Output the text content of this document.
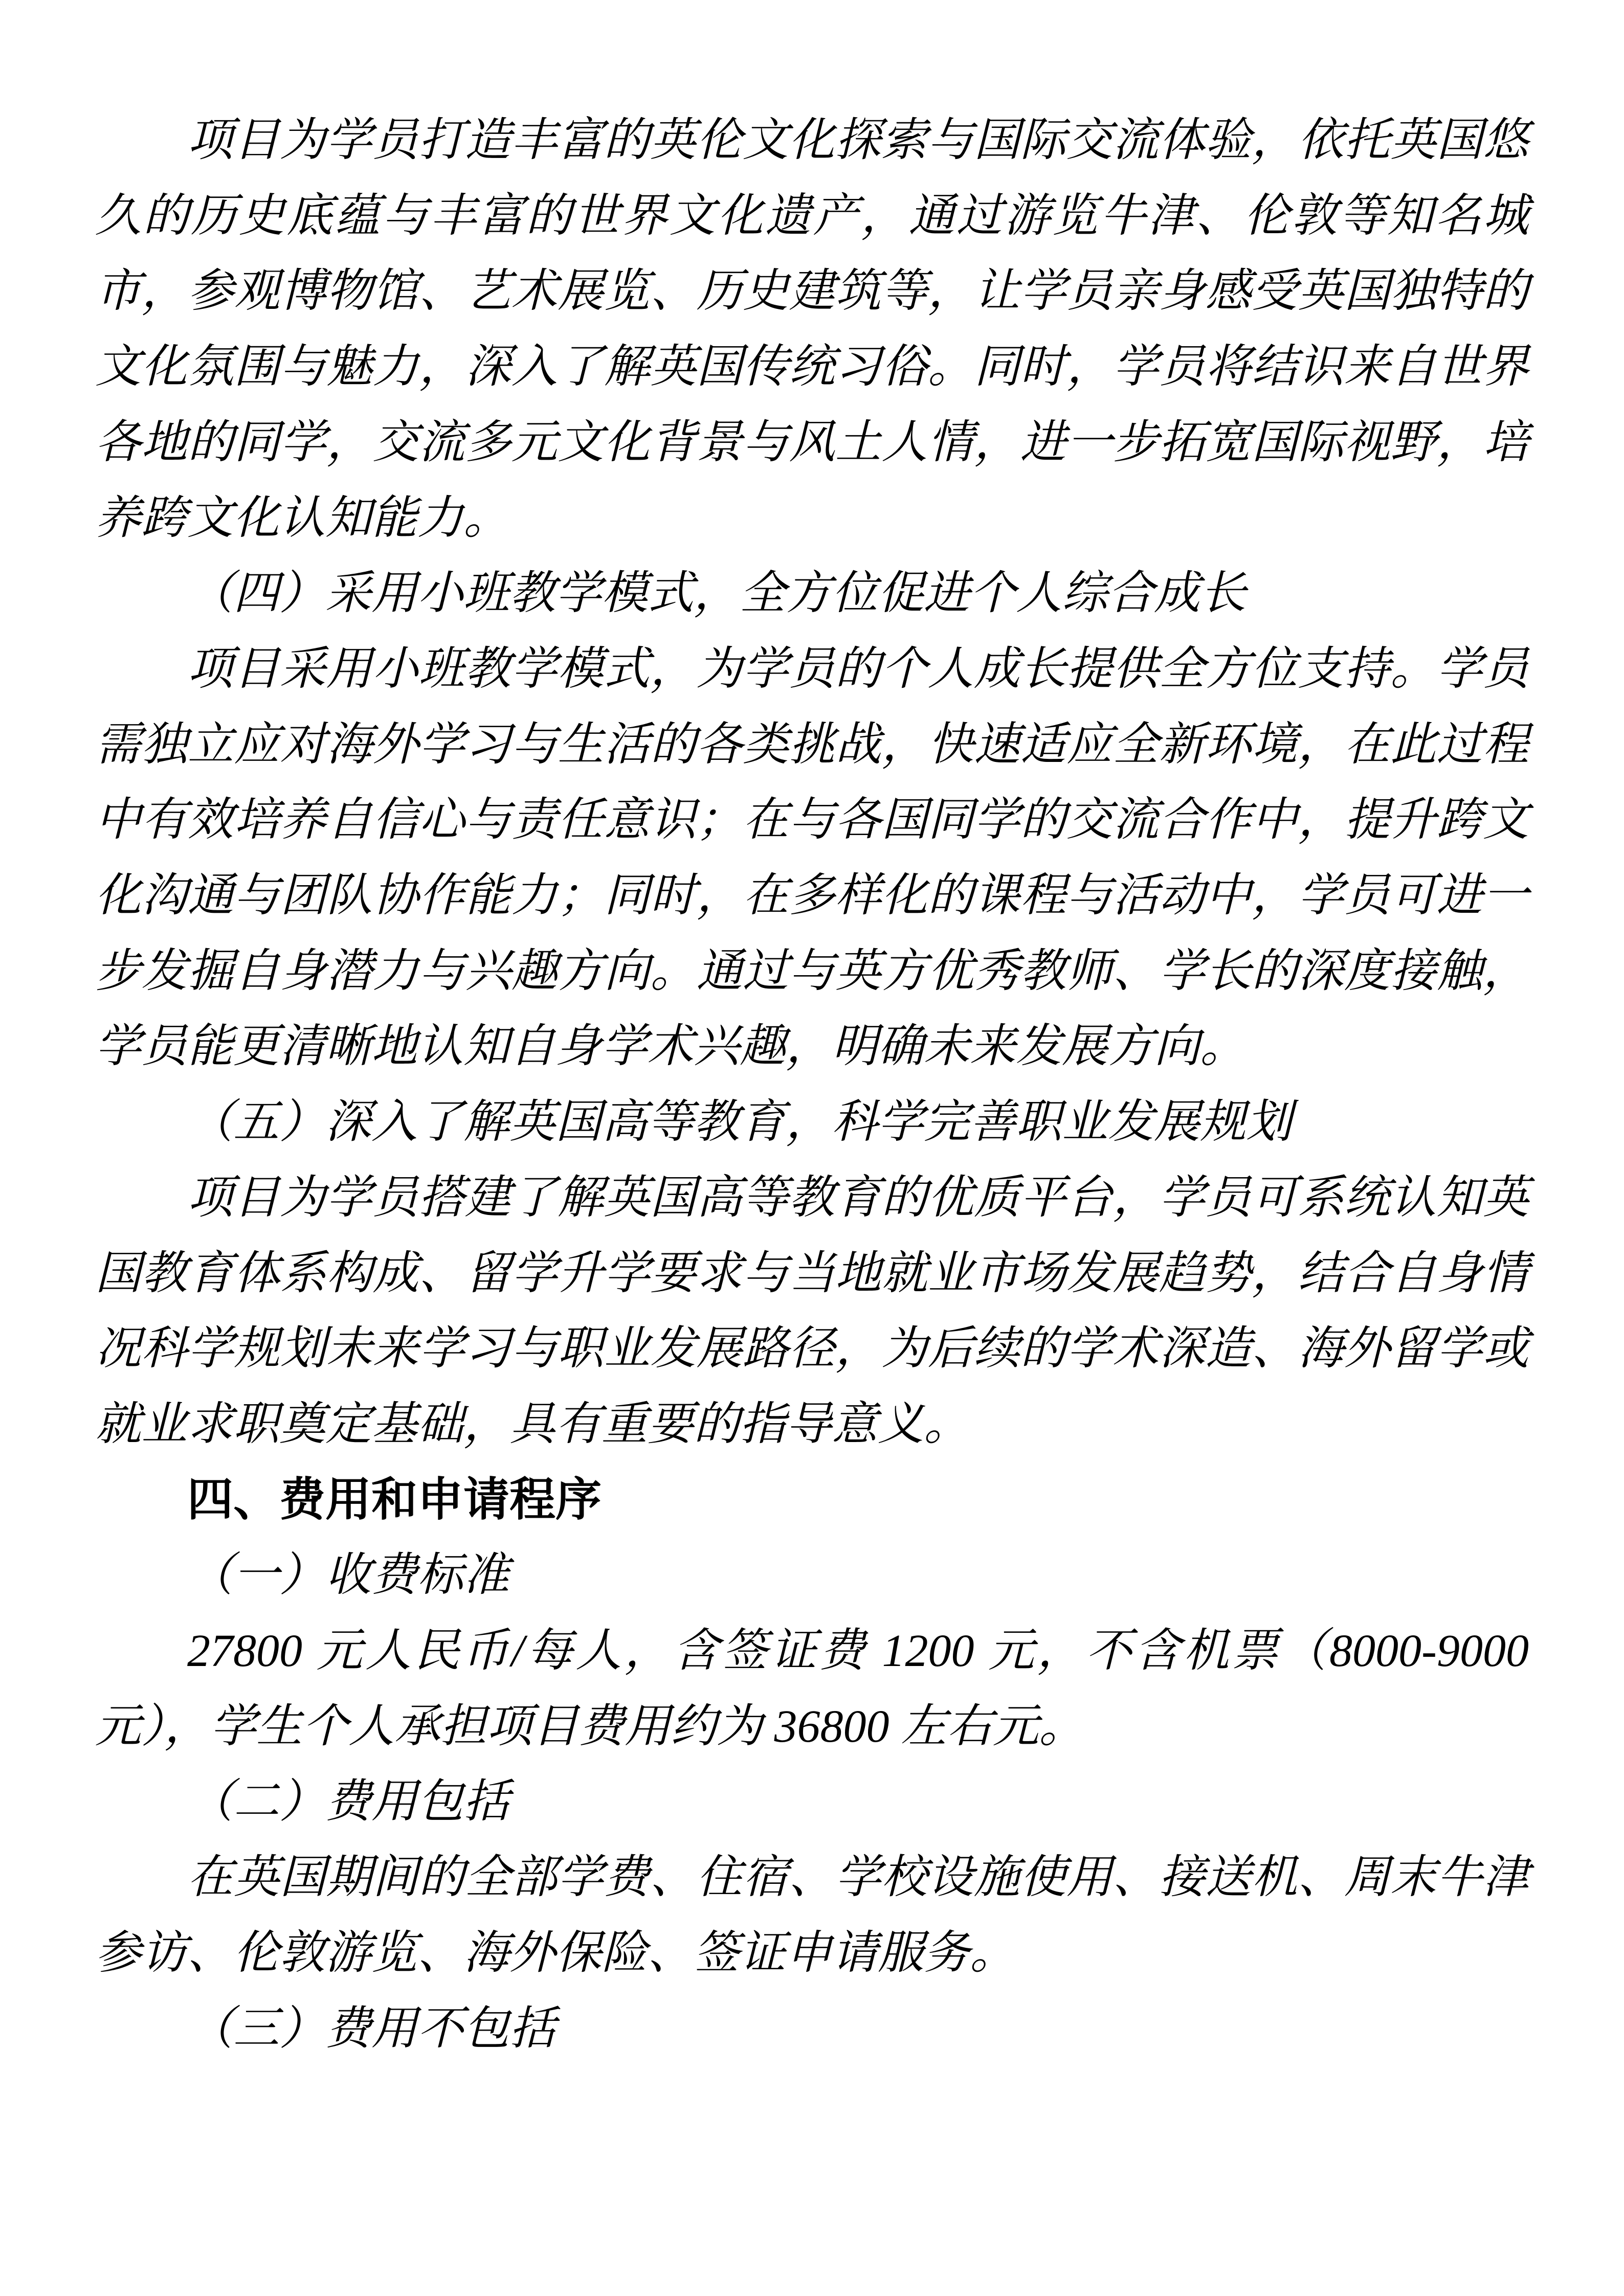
项目为学员打造丰富的英伦文化探索与国际交流体验，依托英国悠久的历史底蕴与丰富的世界文化遗产，通过游览牛津、伦敦等知名城市，参观博物馆、艺术展览、历史建筑等，让学员亲身感受英国独特的文化氛围与魅力，深入了解英国传统习俗。同时，学员将结识来自世界各地的同学，交流多元文化背景与风土人情，进一步拓宽国际视野，培养跨文化认知能力。

（四）采用小班教学模式，全方位促进个人综合成长

项目采用小班教学模式，为学员的个人成长提供全方位支持。学员需独立应对海外学习与生活的各类挑战，快速适应全新环境，在此过程中有效培养自信心与责任意识；在与各国同学的交流合作中，提升跨文化沟通与团队协作能力；同时，在多样化的课程与活动中，学员可进一步发掘自身潜力与兴趣方向。通过与英方优秀教师、学长的深度接触，学员能更清晰地认知自身学术兴趣，明确未来发展方向。

（五）深入了解英国高等教育，科学完善职业发展规划

项目为学员搭建了解英国高等教育的优质平台，学员可系统认知英国教育体系构成、留学升学要求与当地就业市场发展趋势，结合自身情况科学规划未来学习与职业发展路径，为后续的学术深造、海外留学或就业求职奠定基础，具有重要的指导意义。

四、费用和申请程序

（一）收费标准

27800 元人民币/每人，含签证费 1200 元，不含机票（8000-9000 元），学生个人承担项目费用约为 36800 左右元。

（二）费用包括

在英国期间的全部学费、住宿、学校设施使用、接送机、周末牛津参访、伦敦游览、海外保险、签证申请服务。

（三）费用不包括
